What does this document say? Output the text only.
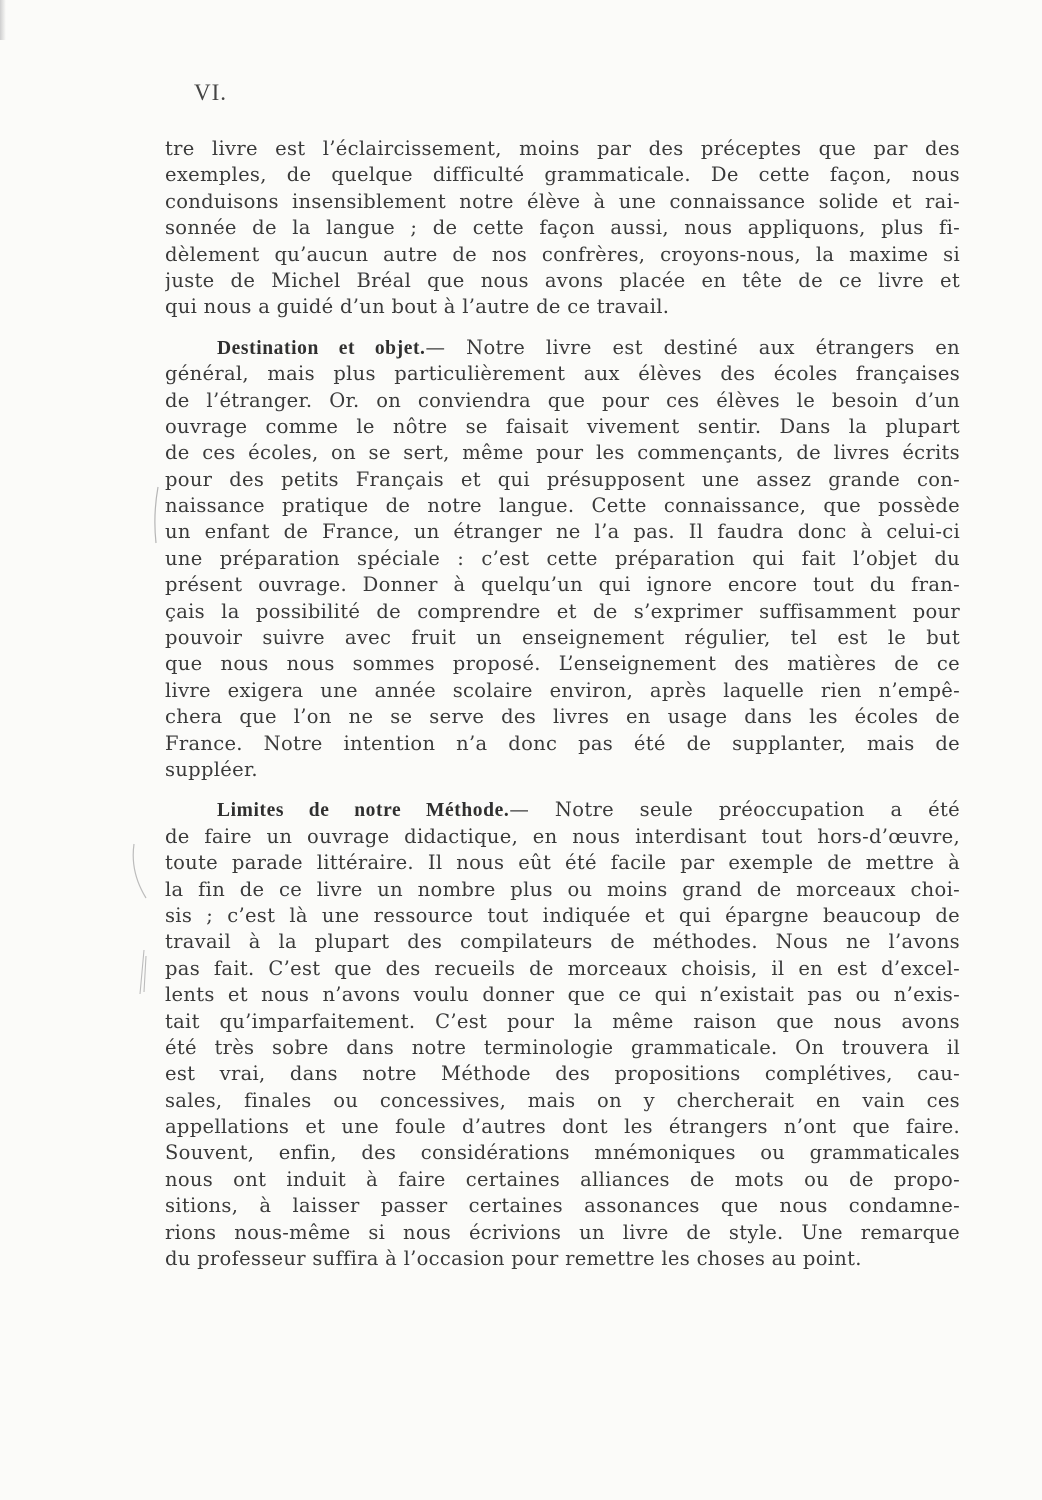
VI.
tre livre est l’éclaircissement, moins par des préceptes que par des
exemples, de quelque difficulté grammaticale. De cette façon, nous
conduisons insensiblement notre élève à une connaissance solide et rai-
sonnée de la langue ; de cette façon aussi, nous appliquons, plus fi-
dèlement qu’aucun autre de nos confrères, croyons-nous, la maxime si
juste de Michel Bréal que nous avons placée en tête de ce livre et
qui nous a guidé d’un bout à l’autre de ce travail.
Destination et objet.— Notre livre est destiné aux étrangers en
général, mais plus particulièrement aux élèves des écoles françaises
de l’étranger. Or. on conviendra que pour ces élèves le besoin d’un
ouvrage comme le nôtre se faisait vivement sentir. Dans la plupart
de ces écoles, on se sert, même pour les commençants, de livres écrits
pour des petits Français et qui présupposent une assez grande con-
naissance pratique de notre langue. Cette connaissance, que possède
un enfant de France, un étranger ne l’a pas. Il faudra donc à celui-ci
une préparation spéciale : c’est cette préparation qui fait l’objet du
présent ouvrage. Donner à quelqu’un qui ignore encore tout du fran-
çais la possibilité de comprendre et de s’exprimer suffisamment pour
pouvoir suivre avec fruit un enseignement régulier, tel est le but
que nous nous sommes proposé. L’enseignement des matières de ce
livre exigera une année scolaire environ, après laquelle rien n’empê-
chera que l’on ne se serve des livres en usage dans les écoles de
France. Notre intention n’a donc pas été de supplanter, mais de
suppléer.
Limites de notre Méthode.— Notre seule préoccupation a été
de faire un ouvrage didactique, en nous interdisant tout hors-d’œuvre,
toute parade littéraire. Il nous eût été facile par exemple de mettre à
la fin de ce livre un nombre plus ou moins grand de morceaux choi-
sis ; c’est là une ressource tout indiquée et qui épargne beaucoup de
travail à la plupart des compilateurs de méthodes. Nous ne l’avons
pas fait. C’est que des recueils de morceaux choisis, il en est d’excel-
lents et nous n’avons voulu donner que ce qui n’existait pas ou n’exis-
tait qu’imparfaitement. C’est pour la même raison que nous avons
été très sobre dans notre terminologie grammaticale. On trouvera il
est vrai, dans notre Méthode des propositions complétives, cau-
sales, finales ou concessives, mais on y chercherait en vain ces
appellations et une foule d’autres dont les étrangers n’ont que faire.
Souvent, enfin, des considérations mnémoniques ou grammaticales
nous ont induit à faire certaines alliances de mots ou de propo-
sitions, à laisser passer certaines assonances que nous condamne-
rions nous-même si nous écrivions un livre de style. Une remarque
du professeur suffira à l’occasion pour remettre les choses au point.
